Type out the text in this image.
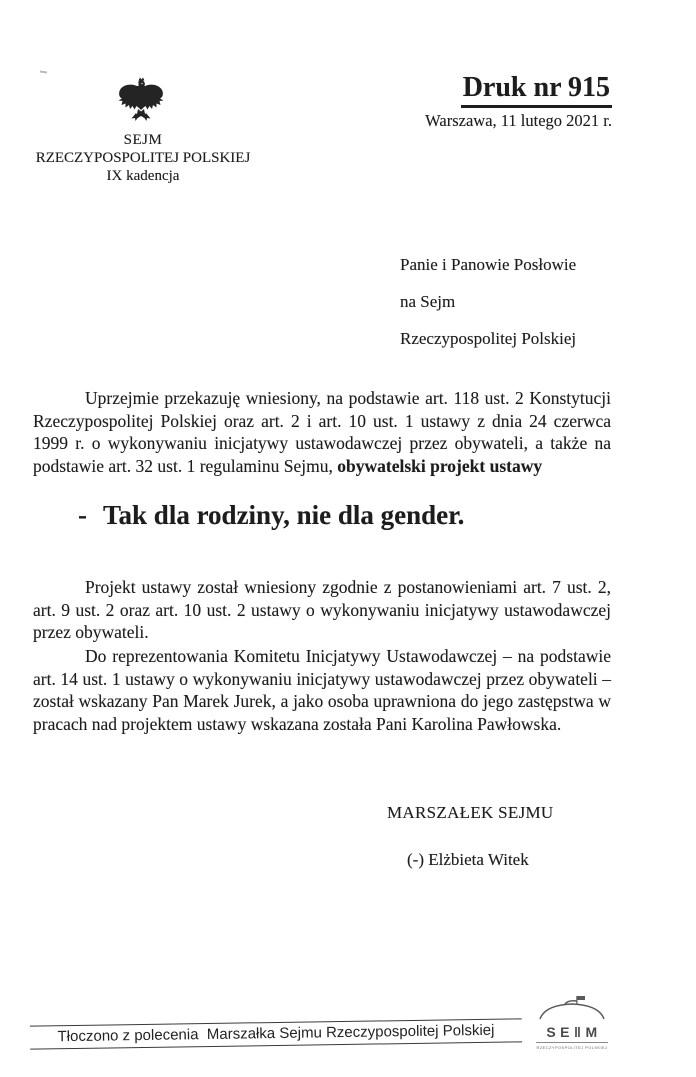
SEJM
RZECZYPOSPOLITEJ POLSKIEJ
IX kadencja
Druk nr 915
Warszawa, 11 lutego 2021 r.
Panie i Panowie Posłowie
na Sejm
Rzeczypospolitej Polskiej

Uprzejmie przekazuję wniesiony, na podstawie art. 118 ust. 2 Konstytucji Rzeczypospolitej Polskiej oraz art. 2 i art. 10 ust. 1 ustawy z dnia 24 czerwca 1999 r. o wykonywaniu inicjatywy ustawodawczej przez obywateli, a także na podstawie art. 32 ust. 1 regulaminu Sejmu, obywatelski projekt ustawy

- Tak dla rodziny, nie dla gender.

Projekt ustawy został wniesiony zgodnie z postanowieniami art. 7 ust. 2, art. 9 ust. 2 oraz art. 10 ust. 2 ustawy o wykonywaniu inicjatywy ustawodawczej przez obywateli.

Do reprezentowania Komitetu Inicjatywy Ustawodawczej – na podstawie art. 14 ust. 1 ustawy o wykonywaniu inicjatywy ustawodawczej przez obywateli – został wskazany Pan Marek Jurek, a jako osoba uprawniona do jego zastępstwa w pracach nad projektem ustawy wskazana została Pani Karolina Pawłowska.

MARSZAŁEK SEJMU
(-) Elżbieta Witek
Tłoczono z polecenia  Marszałka Sejmu Rzeczypospolitej Polskiej	SE‖M
RZECZYPOSPOLITEJ POLSKIEJ
